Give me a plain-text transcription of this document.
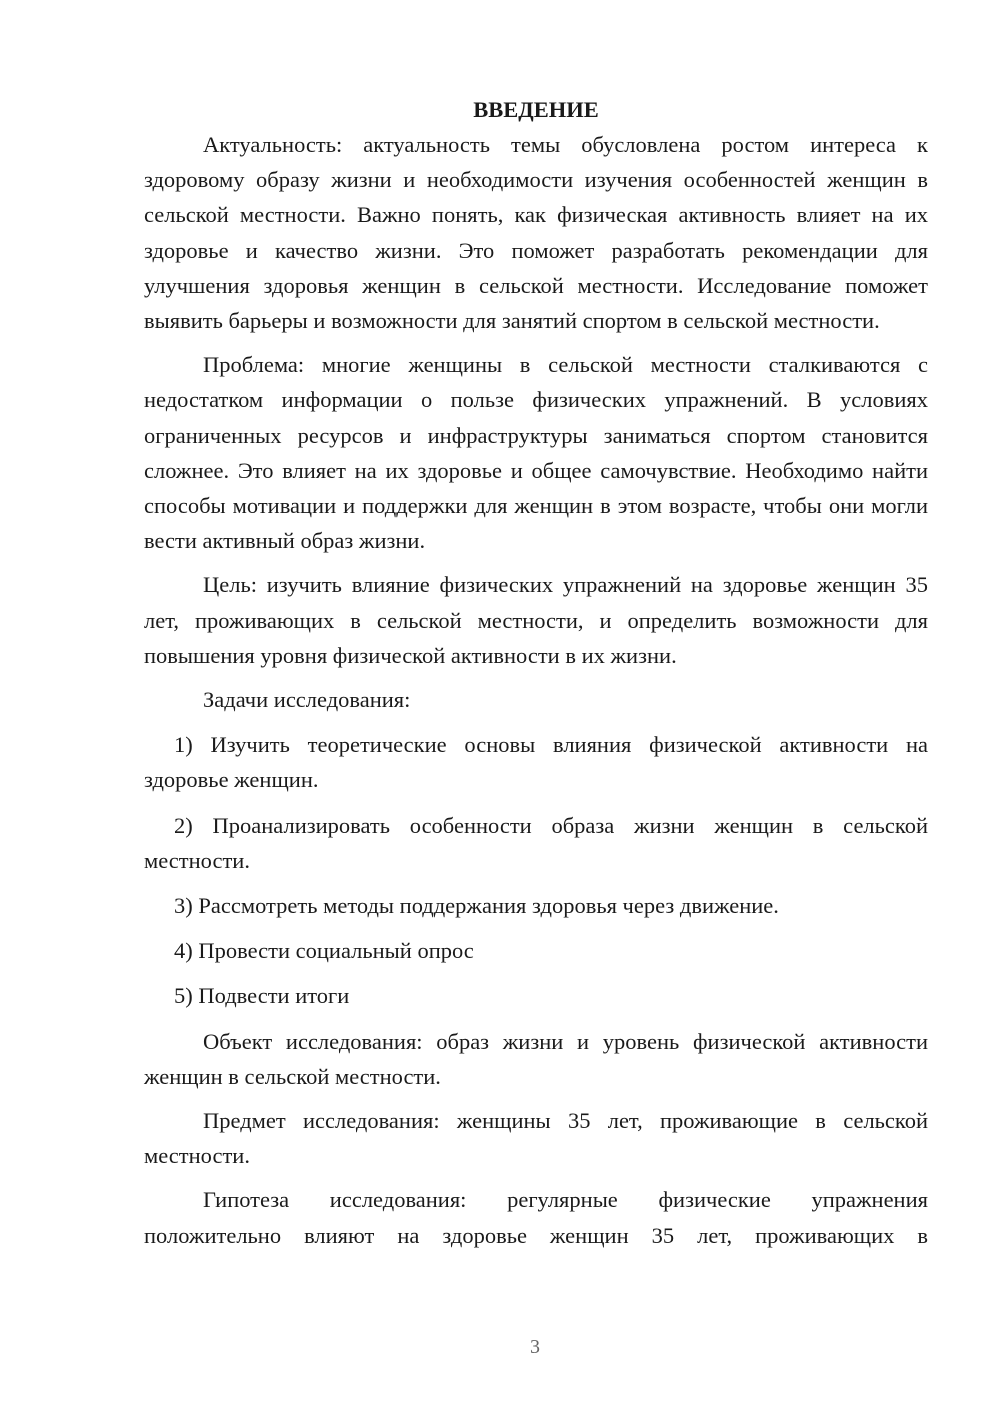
ВВЕДЕНИЕ

Актуальность: актуальность темы обусловлена ростом интереса к здоровому образу жизни и необходимости изучения особенностей женщин в сельской местности. Важно понять, как физическая активность влияет на их здоровье и качество жизни. Это поможет разработать рекомендации для улучшения здоровья женщин в сельской местности. Исследование поможет выявить барьеры и возможности для занятий спортом в сельской местности.

Проблема: многие женщины в сельской местности сталкиваются с недостатком информации о пользе физических упражнений. В условиях ограниченных ресурсов и инфраструктуры заниматься спортом становится сложнее. Это влияет на их здоровье и общее самочувствие. Необходимо найти способы мотивации и поддержки для женщин в этом возрасте, чтобы они могли вести активный образ жизни.

Цель: изучить влияние физических упражнений на здоровье женщин 35 лет, проживающих в сельской местности, и определить возможности для повышения уровня физической активности в их жизни.

Задачи исследования:

1) Изучить теоретические основы влияния физической активности на здоровье женщин.

2) Проанализировать особенности образа жизни женщин в сельской местности.

3) Рассмотреть методы поддержания здоровья через движение.

4) Провести социальный опрос

5) Подвести итоги

Объект исследования: образ жизни и уровень физической активности женщин в сельской местности.

Предмет исследования: женщины 35 лет, проживающие в сельской местности.

Гипотеза исследования: регулярные физические упражнения положительно влияют на здоровье женщин 35 лет, проживающих в

3
